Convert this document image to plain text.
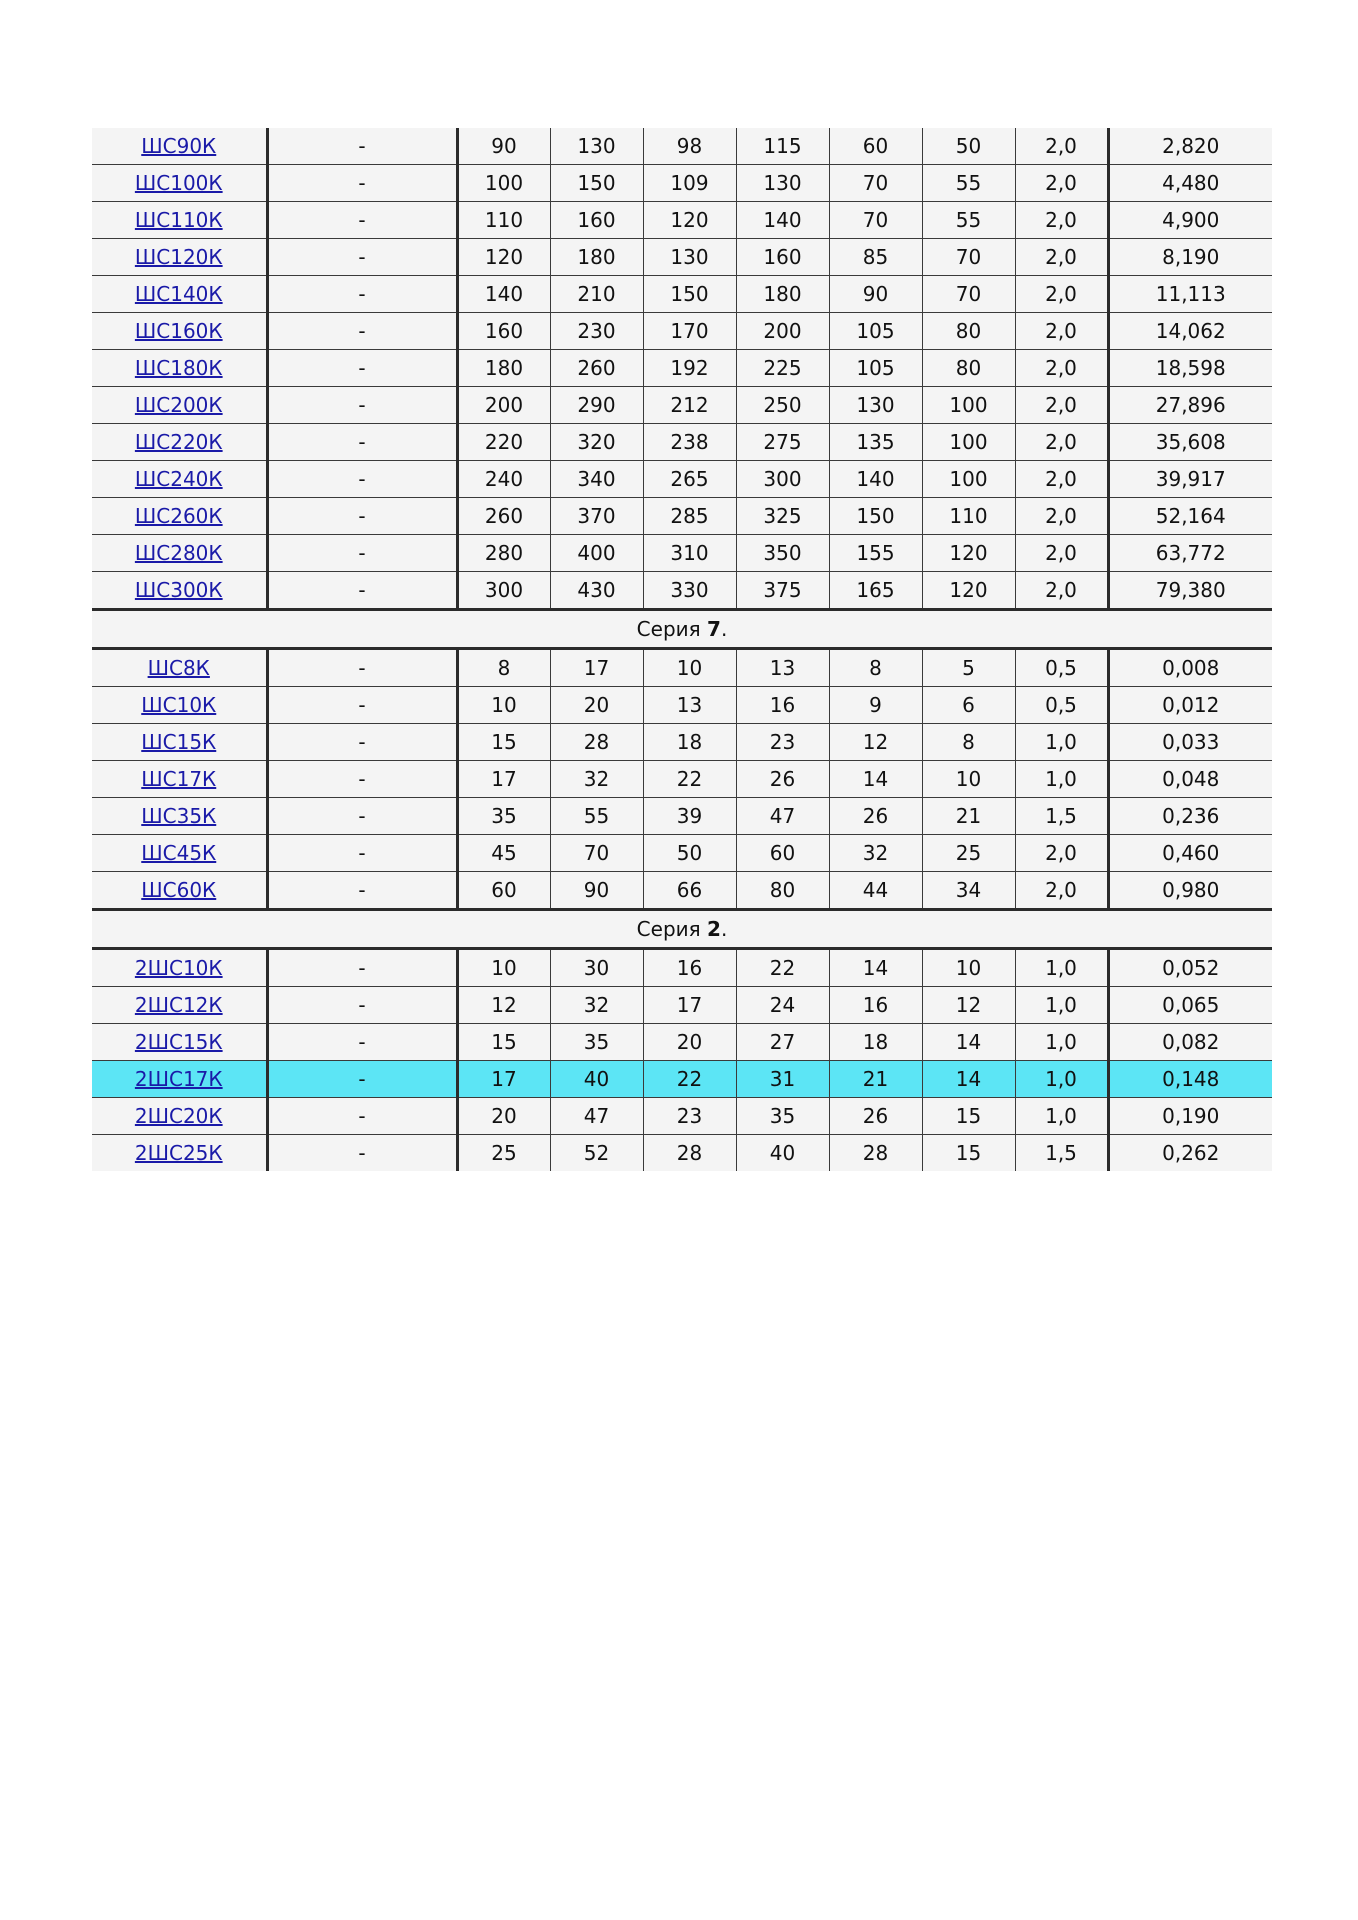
ШС90К	-	90	130	98	115	60	50	2,0	2,820
ШС100К	-	100	150	109	130	70	55	2,0	4,480
ШС110К	-	110	160	120	140	70	55	2,0	4,900
ШС120К	-	120	180	130	160	85	70	2,0	8,190
ШС140К	-	140	210	150	180	90	70	2,0	11,113
ШС160К	-	160	230	170	200	105	80	2,0	14,062
ШС180К	-	180	260	192	225	105	80	2,0	18,598
ШС200К	-	200	290	212	250	130	100	2,0	27,896
ШС220К	-	220	320	238	275	135	100	2,0	35,608
ШС240К	-	240	340	265	300	140	100	2,0	39,917
ШС260К	-	260	370	285	325	150	110	2,0	52,164
ШС280К	-	280	400	310	350	155	120	2,0	63,772
ШС300К	-	300	430	330	375	165	120	2,0	79,380
Серия 7.									
ШС8К	-	8	17	10	13	8	5	0,5	0,008
ШС10К	-	10	20	13	16	9	6	0,5	0,012
ШС15К	-	15	28	18	23	12	8	1,0	0,033
ШС17К	-	17	32	22	26	14	10	1,0	0,048
ШС35К	-	35	55	39	47	26	21	1,5	0,236
ШС45К	-	45	70	50	60	32	25	2,0	0,460
ШС60К	-	60	90	66	80	44	34	2,0	0,980
Серия 2.									
2ШС10К	-	10	30	16	22	14	10	1,0	0,052
2ШС12К	-	12	32	17	24	16	12	1,0	0,065
2ШС15К	-	15	35	20	27	18	14	1,0	0,082
2ШС17К	-	17	40	22	31	21	14	1,0	0,148
2ШС20К	-	20	47	23	35	26	15	1,0	0,190
2ШС25К	-	25	52	28	40	28	15	1,5	0,262
